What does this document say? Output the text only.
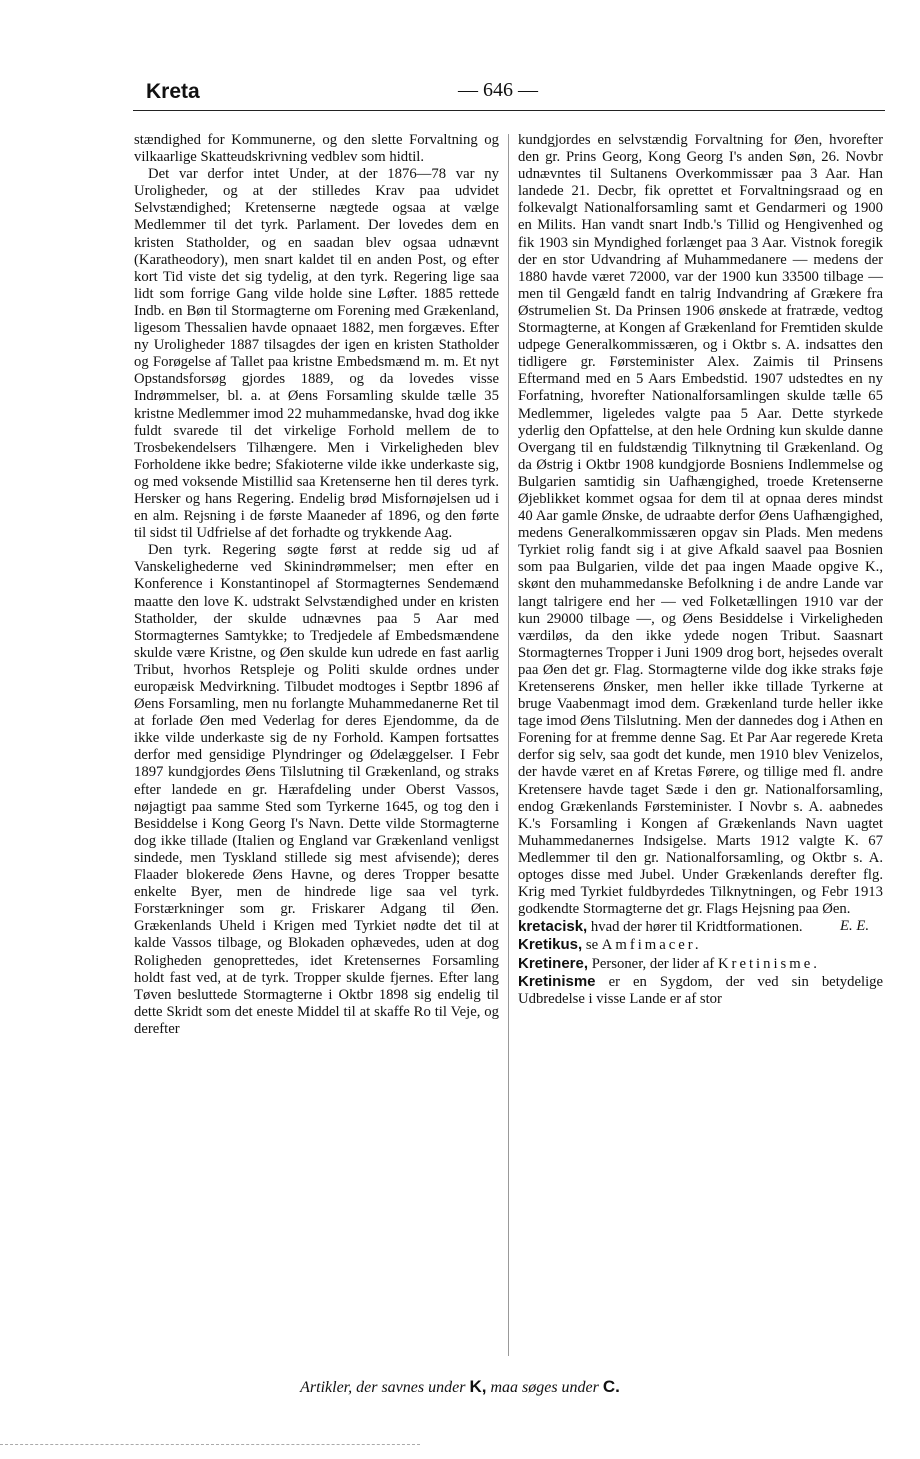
Kreta	— 646 —

stændighed for Kommunerne, og den slette Forvaltning og vilkaarlige Skatteudskrivning vedblev som hidtil.

Det var derfor intet Under, at der 1876—78 var ny Uroligheder, og at der stilledes Krav paa udvidet Selvstændighed; Kretenserne nægtede ogsaa at vælge Medlemmer til det tyrk. Parlament. Der lovedes dem en kristen Statholder, og en saadan blev ogsaa udnævnt (Karatheodory), men snart kaldet til en anden Post, og efter kort Tid viste det sig tydelig, at den tyrk. Regering lige saa lidt som forrige Gang vilde holde sine Løfter. 1885 rettede Indb. en Bøn til Stormagterne om Forening med Grækenland, ligesom Thessalien havde opnaaet 1882, men forgæves. Efter ny Uroligheder 1887 tilsagdes der igen en kristen Statholder og Forøgelse af Tallet paa kristne Embedsmænd m. m. Et nyt Opstandsforsøg gjordes 1889, og da lovedes visse Indrømmelser, bl. a. at Øens Forsamling skulde tælle 35 kristne Medlemmer imod 22 muhammedanske, hvad dog ikke fuldt svarede til det virkelige Forhold mellem de to Trosbekendelsers Tilhængere. Men i Virkeligheden blev Forholdene ikke bedre; Sfakioterne vilde ikke underkaste sig, og med voksende Mistillid saa Kretenserne hen til deres tyrk. Hersker og hans Regering. Endelig brød Misfornøjelsen ud i en alm. Rejsning i de første Maaneder af 1896, og den førte til sidst til Udfrielse af det forhadte og trykkende Aag.

Den tyrk. Regering søgte først at redde sig ud af Vanskelighederne ved Skinindrømmelser; men efter en Konference i Konstantinopel af Stormagternes Sendemænd maatte den love K. udstrakt Selvstændighed under en kristen Statholder, der skulde udnævnes paa 5 Aar med Stormagternes Samtykke; to Tredjedele af Embedsmændene skulde være Kristne, og Øen skulde kun udrede en fast aarlig Tribut, hvorhos Retspleje og Politi skulde ordnes under europæisk Medvirkning. Tilbudet modtoges i Septbr 1896 af Øens Forsamling, men nu forlangte Muhammedanerne Ret til at forlade Øen med Vederlag for deres Ejendomme, da de ikke vilde underkaste sig de ny Forhold. Kampen fortsattes derfor med gensidige Plyndringer og Ødelæggelser. I Febr 1897 kundgjordes Øens Tilslutning til Grækenland, og straks efter landede en gr. Hærafdeling under Oberst Vassos, nøjagtigt paa samme Sted som Tyrkerne 1645, og tog den i Besiddelse i Kong Georg I's Navn. Dette vilde Stormagterne dog ikke tillade (Italien og England var Grækenland venligst sindede, men Tyskland stillede sig mest afvisende); deres Flaader blokerede Øens Havne, og deres Tropper besatte enkelte Byer, men de hindrede lige saa vel tyrk. Forstærkninger som gr. Friskarer Adgang til Øen. Grækenlands Uheld i Krigen med Tyrkiet nødte det til at kalde Vassos tilbage, og Blokaden ophævedes, uden at dog Roligheden genoprettedes, idet Kretensernes Forsamling holdt fast ved, at de tyrk. Tropper skulde fjernes. Efter lang Tøven besluttede Stormagterne i Oktbr 1898 sig endelig til dette Skridt som det eneste Middel til at skaffe Ro til Veje, og derefter

kundgjordes en selvstændig Forvaltning for Øen, hvorefter den gr. Prins Georg, Kong Georg I's anden Søn, 26. Novbr udnævntes til Sultanens Overkommissær paa 3 Aar. Han landede 21. Decbr, fik oprettet et Forvaltningsraad og en folkevalgt Nationalforsamling samt et Gendarmeri og 1900 en Milits. Han vandt snart Indb.'s Tillid og Hengivenhed og fik 1903 sin Myndighed forlænget paa 3 Aar. Vistnok foregik der en stor Udvandring af Muhammedanere — medens der 1880 havde været 72000, var der 1900 kun 33500 tilbage — men til Gengæld fandt en talrig Indvandring af Grækere fra Østrumelien St. Da Prinsen 1906 ønskede at fratræde, vedtog Stormagterne, at Kongen af Grækenland for Fremtiden skulde udpege Generalkommissæren, og i Oktbr s. A. indsattes den tidligere gr. Førsteminister Alex. Zaimis til Prinsens Eftermand med en 5 Aars Embedstid. 1907 udstedtes en ny Forfatning, hvorefter Nationalforsamlingen skulde tælle 65 Medlemmer, ligeledes valgte paa 5 Aar. Dette styrkede yderlig den Opfattelse, at den hele Ordning kun skulde danne Overgang til en fuldstændig Tilknytning til Grækenland. Og da Østrig i Oktbr 1908 kundgjorde Bosniens Indlemmelse og Bulgarien samtidig sin Uafhængighed, troede Kretenserne Øjeblikket kommet ogsaa for dem til at opnaa deres mindst 40 Aar gamle Ønske, de udraabte derfor Øens Uafhængighed, medens Generalkommissæren opgav sin Plads. Men medens Tyrkiet rolig fandt sig i at give Afkald saavel paa Bosnien som paa Bulgarien, vilde det paa ingen Maade opgive K., skønt den muhammedanske Befolkning i de andre Lande var langt talrigere end her — ved Folketællingen 1910 var der kun 29000 tilbage —, og Øens Besiddelse i Virkeligheden værdiløs, da den ikke ydede nogen Tribut. Saasnart Stormagternes Tropper i Juni 1909 drog bort, hejsedes overalt paa Øen det gr. Flag. Stormagterne vilde dog ikke straks føje Kretenserens Ønsker, men heller ikke tillade Tyrkerne at bruge Vaabenmagt imod dem. Grækenland turde heller ikke tage imod Øens Tilslutning. Men der dannedes dog i Athen en Forening for at fremme denne Sag. Et Par Aar regerede Kreta derfor sig selv, saa godt det kunde, men 1910 blev Venizelos, der havde været en af Kretas Førere, og tillige med fl. andre Kretensere havde taget Sæde i den gr. Nationalforsamling, endog Grækenlands Førsteminister. I Novbr s. A. aabnedes K.'s Forsamling i Kongen af Grækenlands Navn uagtet Muhammedanernes Indsigelse. Marts 1912 valgte K. 67 Medlemmer til den gr. Nationalforsamling, og Oktbr s. A. optoges disse med Jubel. Under Grækenlands derefter flg. Krig med Tyrkiet fuldbyrdedes Tilknytningen, og Febr 1913 godkendte Stormagterne det gr. Flags Hejsning paa Øen.
E. E.

kretacisk, hvad der hører til Kridtformationen.

Kretikus, se Amfimacer.

Kretinere, Personer, der lider af Kretinisme.

Kretinisme er en Sygdom, der ved sin betydelige Udbredelse i visse Lande er af stor

Artikler, der savnes under K, maa søges under C.
